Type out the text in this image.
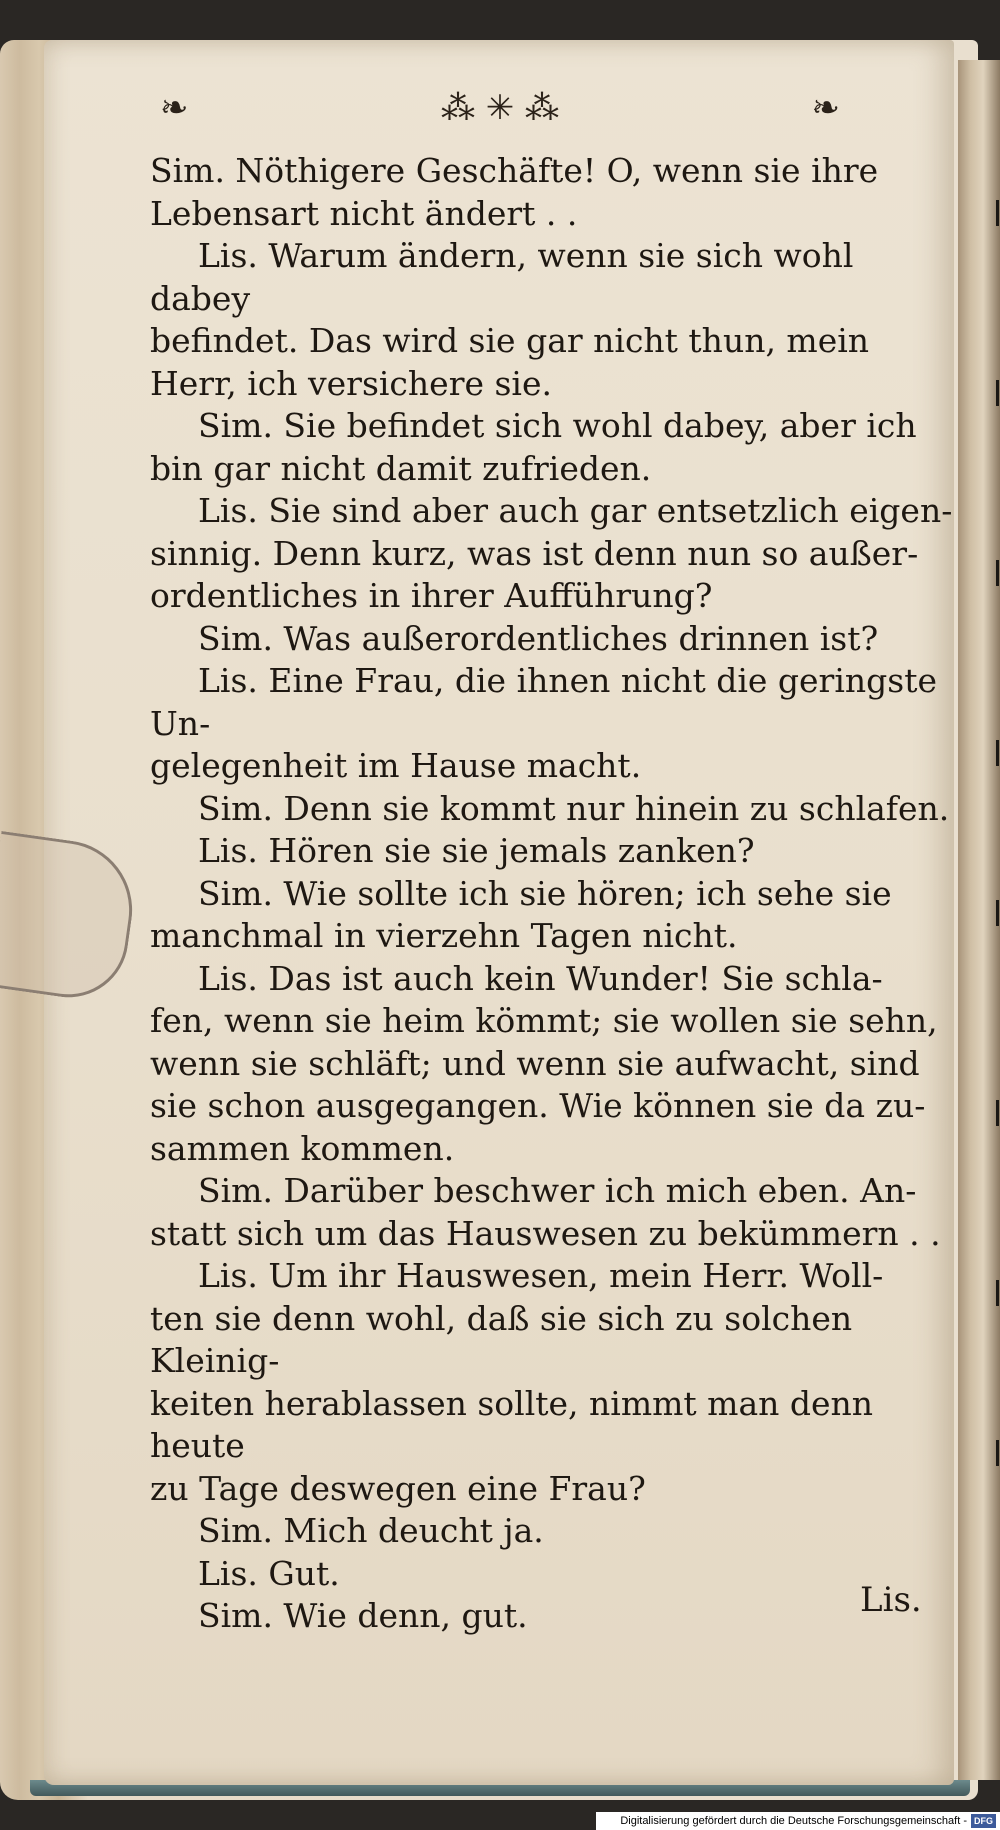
❧	⁂ ✳ ⁂	❧

Sim. Nöthigere Geschäfte! O, wenn sie ihre
Lebensart nicht ändert . .

Lis. Warum ändern, wenn sie sich wohl dabey
befindet. Das wird sie gar nicht thun, mein
Herr, ich versichere sie.

Sim. Sie befindet sich wohl dabey, aber ich
bin gar nicht damit zufrieden.

Lis. Sie sind aber auch gar entsetzlich eigen-
sinnig. Denn kurz, was ist denn nun so außer-
ordentliches in ihrer Aufführung?

Sim. Was außerordentliches drinnen ist?

Lis. Eine Frau, die ihnen nicht die geringste Un-
gelegenheit im Hause macht.

Sim. Denn sie kommt nur hinein zu schlafen.

Lis. Hören sie sie jemals zanken?

Sim. Wie sollte ich sie hören; ich sehe sie
manchmal in vierzehn Tagen nicht.

Lis. Das ist auch kein Wunder! Sie schla-
fen, wenn sie heim kömmt; sie wollen sie sehn,
wenn sie schläft; und wenn sie aufwacht, sind
sie schon ausgegangen. Wie können sie da zu-
sammen kommen.

Sim. Darüber beschwer ich mich eben. An-
statt sich um das Hauswesen zu bekümmern . .

Lis. Um ihr Hauswesen, mein Herr. Woll-
ten sie denn wohl, daß sie sich zu solchen Kleinig-
keiten herablassen sollte, nimmt man denn heute
zu Tage deswegen eine Frau?

Sim. Mich deucht ja.

Lis. Gut.

Sim. Wie denn, gut.	Lis.
Digitalisierung gefördert durch die Deutsche Forschungsgemeinschaft - DFG
